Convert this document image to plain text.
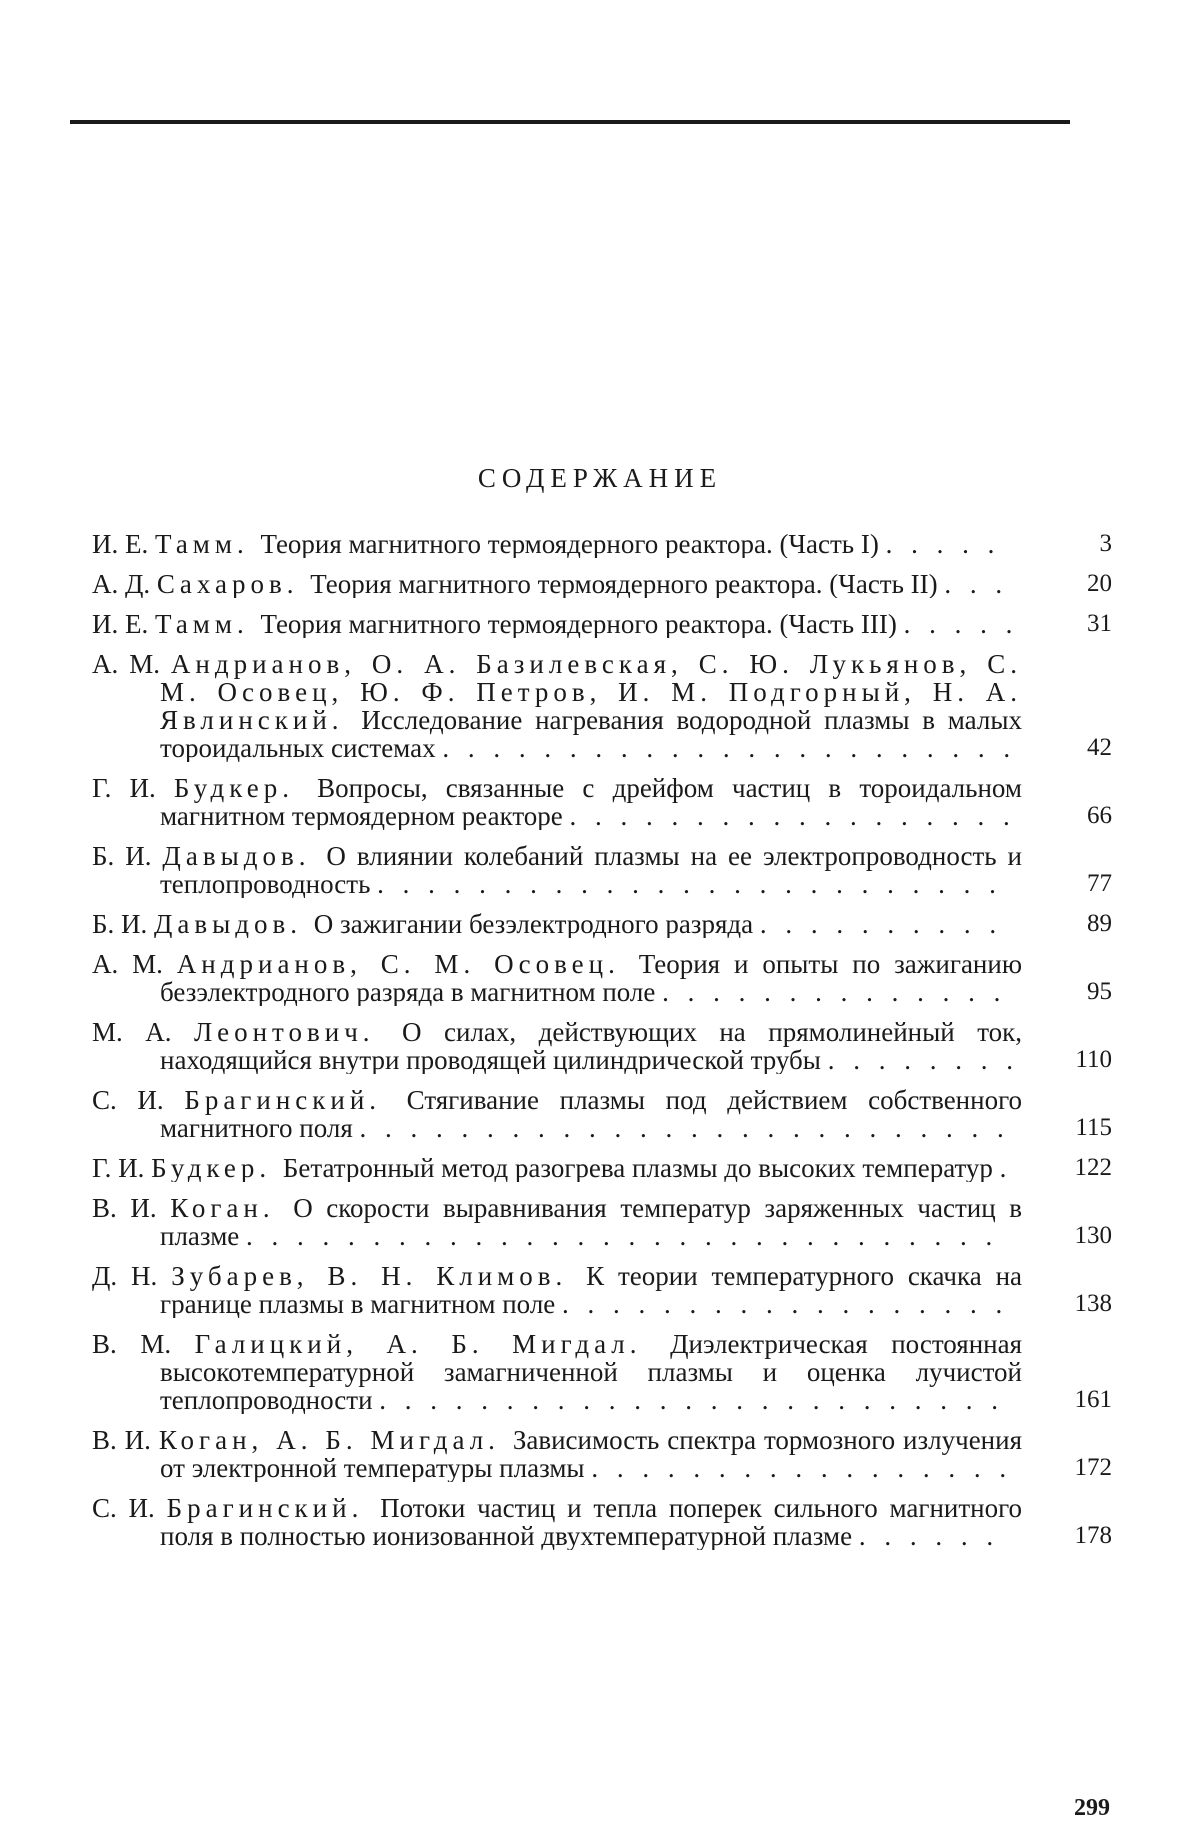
СОДЕРЖАНИЕ
И. Е. Тамм. Теория магнитного термоядерного реактора. (Часть I) . . . . .	3
А. Д. Сахаров. Теория магнитного термоядерного реактора. (Часть II) . . .	20
И. Е. Тамм. Теория магнитного термоядерного реактора. (Часть III) . . . . .	31
А. М. Андрианов, О. А. Базилевская, С. Ю. Лукьянов, С. М. Осовец, Ю. Ф. Петров, И. М. Подгорный, Н. А. Явлинский. Исследование нагревания водородной плазмы в малых тороидальных системах . . . . . . . . . . . . . . . . . . . . . . .	42
Г. И. Будкер. Вопросы, связанные с дрейфом частиц в тороидальном магнитном термоядерном реакторе . . . . . . . . . . . . . . . . . .	66
Б. И. Давыдов. О влиянии колебаний плазмы на ее электропроводность и теплопроводность . . . . . . . . . . . . . . . . . . . . . . . . .	77
Б. И. Давыдов. О зажигании безэлектродного разряда . . . . . . . . . .	89
А. М. Андрианов, С. М. Осовец. Теория и опыты по зажиганию безэлектродного разряда в магнитном поле . . . . . . . . . . . . . .	95
М. А. Леонтович. О силах, действующих на прямолинейный ток, находящийся внутри проводящей цилиндрической трубы . . . . . . . .	110
С. И. Брагинский. Стягивание плазмы под действием собственного магнитного поля . . . . . . . . . . . . . . . . . . . . . . . . . .	115
Г. И. Будкер. Бетатронный метод разогрева плазмы до высоких температур .	122
В. И. Коган. О скорости выравнивания температур заряженных частиц в плазме . . . . . . . . . . . . . . . . . . . . . . . . . . . . . .	130
Д. Н. Зубарев, В. Н. Климов. К теории температурного скачка на границе плазмы в магнитном поле . . . . . . . . . . . . . . . . . .	138
В. М. Галицкий, А. Б. Мигдал. Диэлектрическая постоянная высокотемпературной замагниченной плазмы и оценка лучистой теплопроводности . . . . . . . . . . . . . . . . . . . . . . . . .	161
В. И. Коган, А. Б. Мигдал. Зависимость спектра тормозного излучения от электронной температуры плазмы . . . . . . . . . . . . . . . . .	172
С. И. Брагинский. Потоки частиц и тепла поперек сильного магнитного поля в полностью ионизованной двухтемпературной плазме . . . . . .	178
299
